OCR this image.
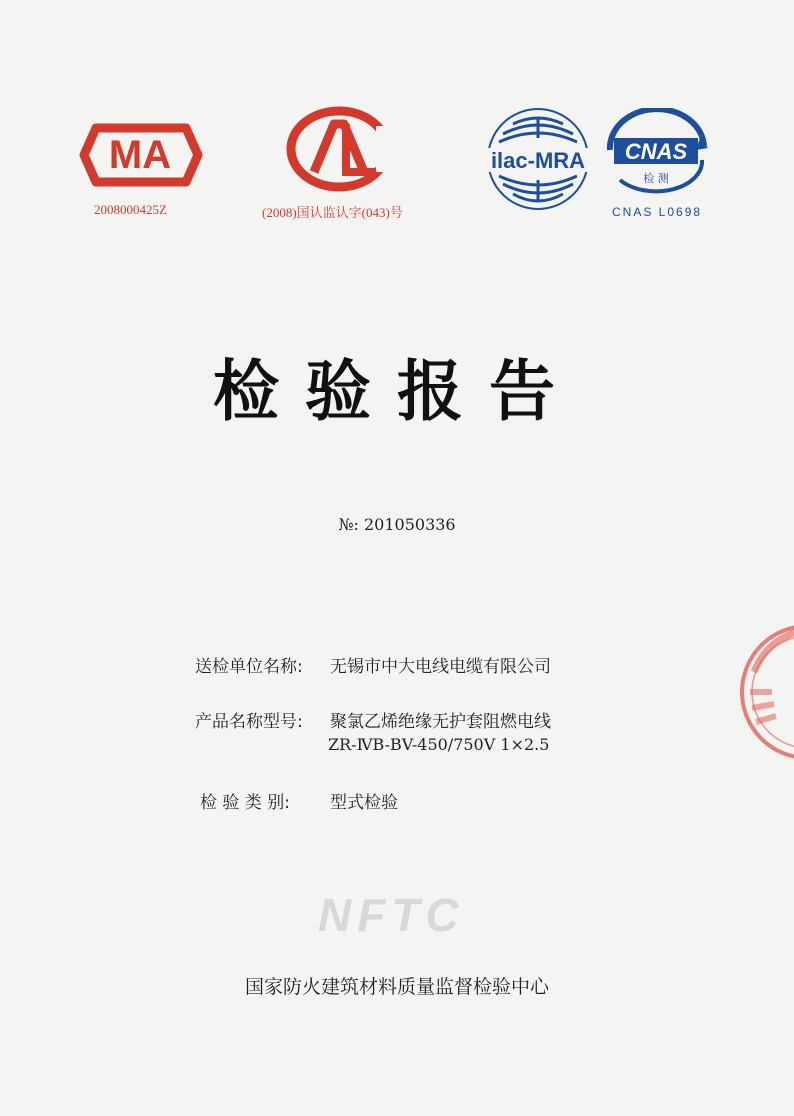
MA
2008000425Z	(2008)国认监认字(043)号
ilac-MRA CNAS
检 测
CNAS L0698
检验报告
№: 201050336
送检单位名称: 无锡市中大电线电缆有限公司
产品名称型号: 聚氯乙烯绝缘无护套阻燃电线
ZR-ⅣB-BV-450/750V 1×2.5
检 验 类 别: 型式检验
NFTC
国家防火建筑材料质量监督检验中心
